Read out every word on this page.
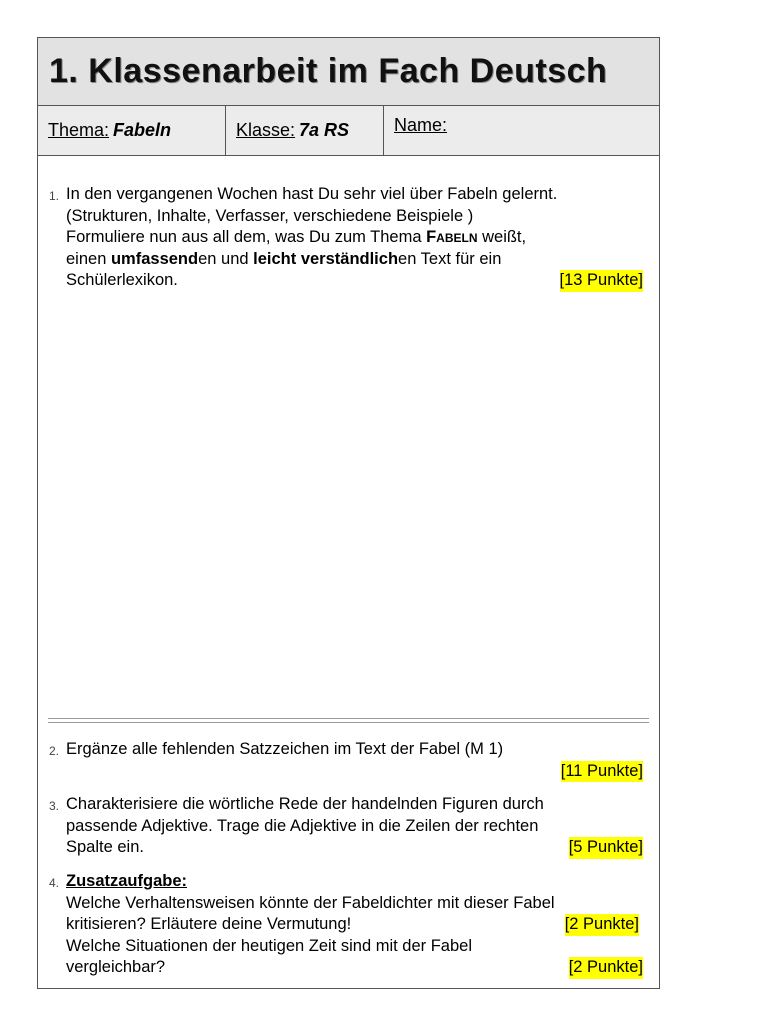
1. Klassenarbeit im Fach Deutsch
Thema: Fabeln	Klasse: 7a RS Name:
1. In den vergangenen Wochen hast Du sehr viel über Fabeln gelernt.

(Strukturen, Inhalte, Verfasser, verschiedene Beispiele )

Formuliere nun aus all dem, was Du zum Thema Fabeln weißt,

einen umfassenden und leicht verständlichen Text für ein

Schülerlexikon.	[13 Punkte]

2. Ergänze alle fehlenden Satzzeichen im Text der Fabel (M 1)

[11 Punkte]

3. Charakterisiere die wörtliche Rede der handelnden Figuren durch

passende Adjektive. Trage die Adjektive in die Zeilen der rechten

Spalte ein.	[5 Punkte]

4. Zusatzaufgabe:

Welche Verhaltensweisen könnte der Fabeldichter mit dieser Fabel

kritisieren? Erläutere deine Vermutung!	[2 Punkte]

Welche Situationen der heutigen Zeit sind mit der Fabel

vergleichbar?	[2 Punkte]
